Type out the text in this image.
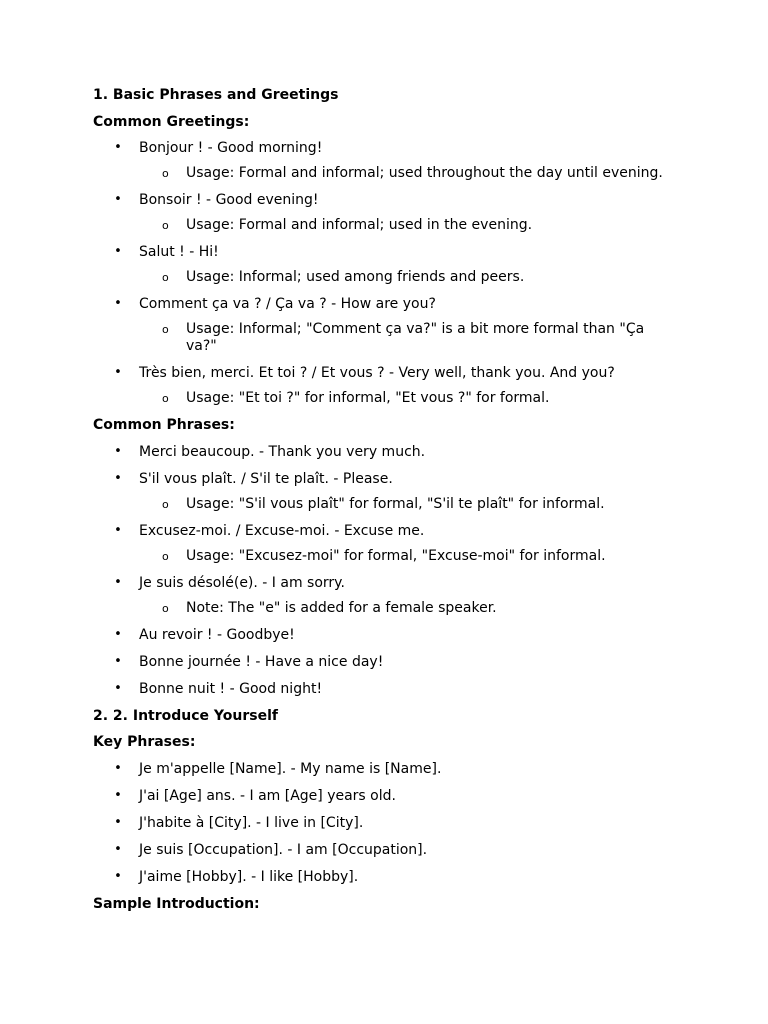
1. Basic Phrases and Greetings
Common Greetings:
• Bonjour ! - Good morning!
o Usage: Formal and informal; used throughout the day until evening.
• Bonsoir ! - Good evening!
o Usage: Formal and informal; used in the evening.
• Salut ! - Hi!
o Usage: Informal; used among friends and peers.
• Comment ça va ? / Ça va ? - How are you?
o Usage: Informal; "Comment ça va?" is a bit more formal than "Ça va?"
• Très bien, merci. Et toi ? / Et vous ? - Very well, thank you. And you?
o Usage: "Et toi ?" for informal, "Et vous ?" for formal.
Common Phrases:
• Merci beaucoup. - Thank you very much.
• S'il vous plaît. / S'il te plaît. - Please.
o Usage: "S'il vous plaît" for formal, "S'il te plaît" for informal.
• Excusez-moi. / Excuse-moi. - Excuse me.
o Usage: "Excusez-moi" for formal, "Excuse-moi" for informal.
• Je suis désolé(e). - I am sorry.
o Note: The "e" is added for a female speaker.
• Au revoir ! - Goodbye!
• Bonne journée ! - Have a nice day!
• Bonne nuit ! - Good night!
2. 2. Introduce Yourself
Key Phrases:
• Je m'appelle [Name]. - My name is [Name].
• J'ai [Age] ans. - I am [Age] years old.
• J'habite à [City]. - I live in [City].
• Je suis [Occupation]. - I am [Occupation].
• J'aime [Hobby]. - I like [Hobby].
Sample Introduction:
